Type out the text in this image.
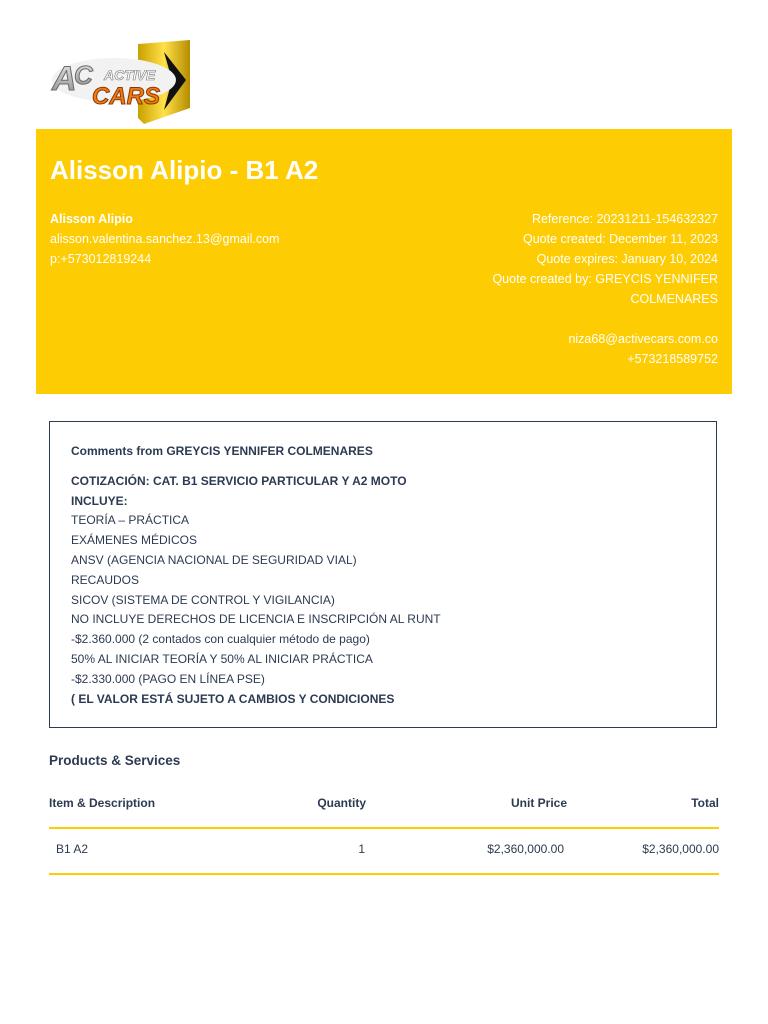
A
C ACTIVE
CARS
Alisson Alipio - B1 A2
Alisson Alipio
alisson.valentina.sanchez.13@gmail.com
p:+573012819244
Reference: 20231211-154632327
Quote created: December 11, 2023
Quote expires: January 10, 2024
Quote created by: GREYCIS YENNIFER
COLMENARES
niza68@activecars.com.co
+573218589752
Comments from GREYCIS YENNIFER COLMENARES
COTIZACIÓN: CAT. B1 SERVICIO PARTICULAR Y A2 MOTO
INCLUYE:
TEORÍA – PRÁCTICA
EXÁMENES MÉDICOS
ANSV (AGENCIA NACIONAL DE SEGURIDAD VIAL)
RECAUDOS
SICOV (SISTEMA DE CONTROL Y VIGILANCIA)
NO INCLUYE DERECHOS DE LICENCIA E INSCRIPCIÓN AL RUNT
-$2.360.000 (2 contados con cualquier método de pago)
50% AL INICIAR TEORÍA Y 50% AL INICIAR PRÁCTICA
-$2.330.000 (PAGO EN LÍNEA PSE)
( EL VALOR ESTÁ SUJETO A CAMBIOS Y CONDICIONES
Products & Services
Item & Description	Quantity	Unit Price	Total
B1 A2	1	$2,360,000.00	$2,360,000.00
